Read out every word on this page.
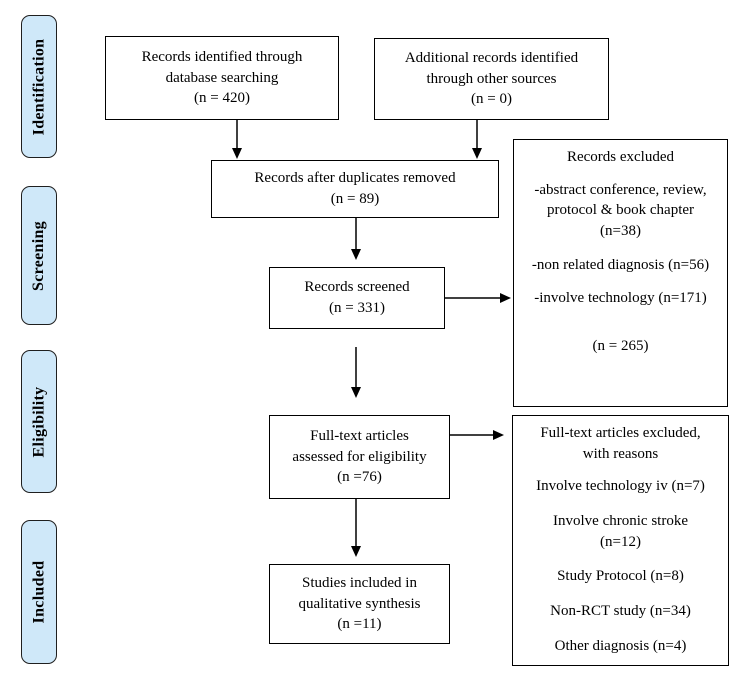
Identification
Screening
Eligibility
Included
Records identified through
database searching
(n = 420)
Additional records identified
through other sources
(n = 0)
Records after duplicates removed
(n = 89)
Records screened
(n = 331)
Records excluded
-abstract conference, review,
protocol & book chapter
(n=38)
-non related diagnosis (n=56)
-involve technology (n=171)
(n = 265)
Full-text articles
assessed for eligibility
(n =76)
Full-text articles excluded,
with reasons
Involve technology iv (n=7)
Involve chronic stroke
(n=12)
Study Protocol (n=8)
Non-RCT study (n=34)
Other diagnosis (n=4)
Studies included in
qualitative synthesis
(n =11)
